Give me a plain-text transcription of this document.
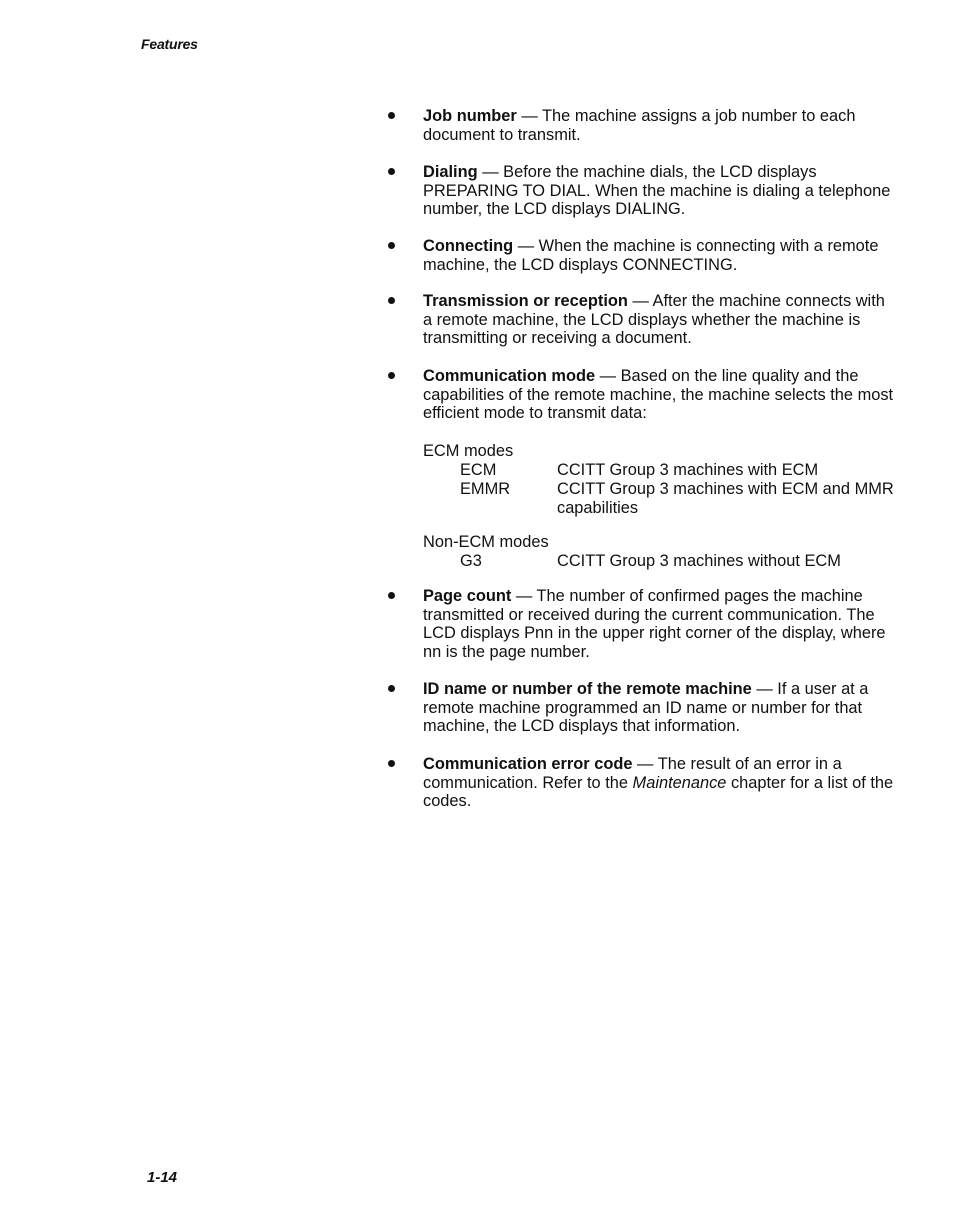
Features
Job number — The machine assigns a job number to each document to transmit.
Dialing — Before the machine dials, the LCD displays PREPARING TO DIAL. When the machine is dialing a telephone number, the LCD displays DIALING.
Connecting — When the machine is connecting with a remote machine, the LCD displays CONNECTING.
Transmission or reception — After the machine connects with a remote machine, the LCD displays whether the machine is transmitting or receiving a document.
Communication mode — Based on the line quality and the capabilities of the remote machine, the machine selects the most efficient mode to transmit data:
ECM modes
ECM	CCITT Group 3 machines with ECM
EMMR	CCITT Group 3 machines with ECM and MMR capabilities
Non-ECM modes
G3	CCITT Group 3 machines without ECM
Page count — The number of confirmed pages the machine transmitted or received during the current communication. The LCD displays Pnn in the upper right corner of the display, where nn is the page number.
ID name or number of the remote machine — If a user at a remote machine programmed an ID name or number for that machine, the LCD displays that information.
Communication error code — The result of an error in a communication. Refer to the Maintenance chapter for a list of the codes.
1-14
